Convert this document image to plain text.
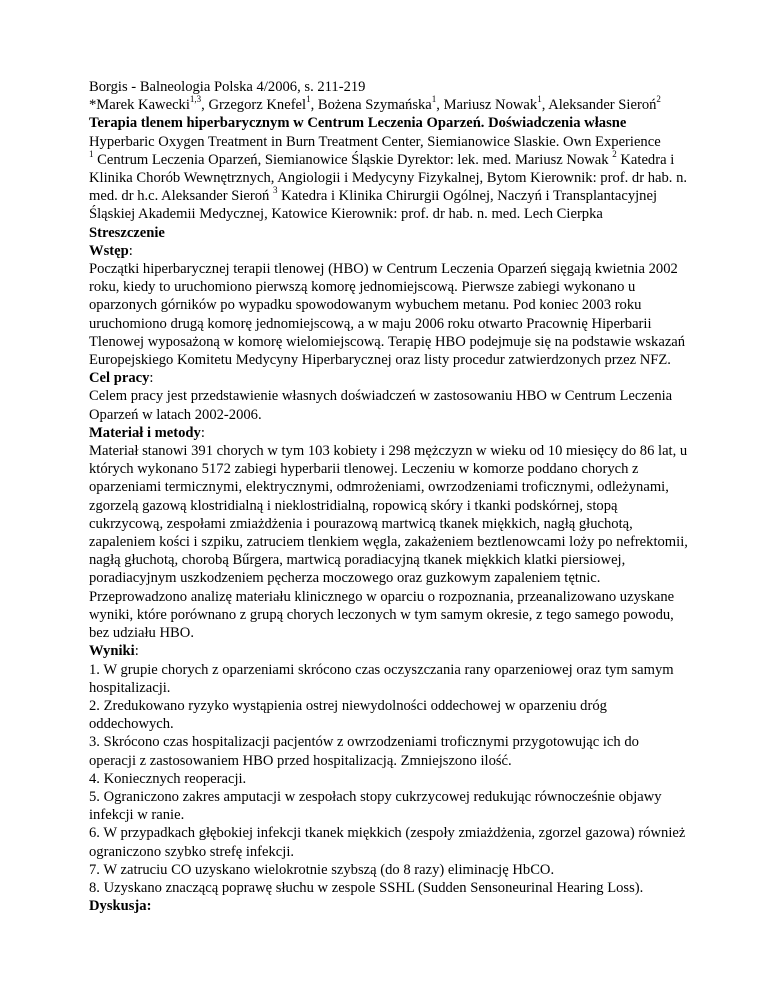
Borgis - Balneologia Polska 4/2006, s. 211-219
*Marek Kawecki$^{1,3}$, Grzegorz Knefel$^1$, Bożena Szymańska$^1$, Mariusz Nowak$^1$, Aleksander Sieroń$^2$
Terapia tlenem hiperbarycznym w Centrum Leczenia Oparzeń. Doświadczenia własne
Hyperbaric Oxygen Treatment in Burn Treatment Center, Siemianowice Slaskie. Own Experience
$^1$ Centrum Leczenia Oparzeń, Siemianowice Śląskie Dyrektor: lek. med. Mariusz Nowak $^2$ Katedra i Klinika Chorób Wewnętrznych, Angiologii i Medycyny Fizykalnej, Bytom Kierownik: prof. dr hab. n. med. dr h.c. Aleksander Sieroń $^3$ Katedra i Klinika Chirurgii Ogólnej, Naczyń i Transplantacyjnej Śląskiej Akademii Medycznej, Katowice Kierownik: prof. dr hab. n. med. Lech Cierpka
Streszczenie
Wstęp:
Początki hiperbarycznej terapii tlenowej (HBO) w Centrum Leczenia Oparzeń sięgają kwietnia 2002 roku, kiedy to uruchomiono pierwszą komorę jednomiejscową. Pierwsze zabiegi wykonano u oparzonych górników po wypadku spowodowanym wybuchem metanu. Pod koniec 2003 roku uruchomiono drugą komorę jednomiejscową, a w maju 2006 roku otwarto Pracownię Hiperbarii Tlenowej wyposażoną w komorę wielomiejscową. Terapię HBO podejmuje się na podstawie wskazań Europejskiego Komitetu Medycyny Hiperbarycznej oraz listy procedur zatwierdzonych przez NFZ.
Cel pracy:
Celem pracy jest przedstawienie własnych doświadczeń w zastosowaniu HBO w Centrum Leczenia Oparzeń w latach 2002-2006.
Materiał i metody:
Materiał stanowi 391 chorych w tym 103 kobiety i 298 mężczyzn w wieku od 10 miesięcy do 86 lat, u których wykonano 5172 zabiegi hyperbarii tlenowej. Leczeniu w komorze poddano chorych z oparzeniami termicznymi, elektrycznymi, odmrożeniami, owrzodzeniami troficznymi, odleżynami, zgorzelą gazową klostridialną i nieklostridialną, ropowicą skóry i tkanki podskórnej, stopą cukrzycową, zespołami zmiażdżenia i pourazową martwicą tkanek miękkich, nagłą głuchotą, zapaleniem kości i szpiku, zatruciem tlenkiem węgla, zakażeniem beztlenowcami loży po nefrektomii, nagłą głuchotą, chorobą Bűrgera, martwicą poradiacyjną tkanek miękkich klatki piersiowej, poradiacyjnym uszkodzeniem pęcherza moczowego oraz guzkowym zapaleniem tętnic. Przeprowadzono analizę materiału klinicznego w oparciu o rozpoznania, przeanalizowano uzyskane wyniki, które porównano z grupą chorych leczonych w tym samym okresie, z tego samego powodu, bez udziału HBO.
Wyniki:
1. W grupie chorych z oparzeniami skrócono czas oczyszczania rany oparzeniowej oraz tym samym hospitalizacji.
2. Zredukowano ryzyko wystąpienia ostrej niewydolności oddechowej w oparzeniu dróg oddechowych.
3. Skrócono czas hospitalizacji pacjentów z owrzodzeniami troficznymi przygotowując ich do operacji z zastosowaniem HBO przed hospitalizacją. Zmniejszono ilość.
4. Koniecznych reoperacji.
5. Ograniczono zakres amputacji w zespołach stopy cukrzycowej redukując równocześnie objawy infekcji w ranie.
6. W przypadkach głębokiej infekcji tkanek miękkich (zespoły zmiażdżenia, zgorzel gazowa) również ograniczono szybko strefę infekcji.
7. W zatruciu CO uzyskano wielokrotnie szybszą (do 8 razy) eliminację HbCO.
8. Uzyskano znaczącą poprawę słuchu w zespole SSHL (Sudden Sensoneurinal Hearing Loss).
Dyskusja:
